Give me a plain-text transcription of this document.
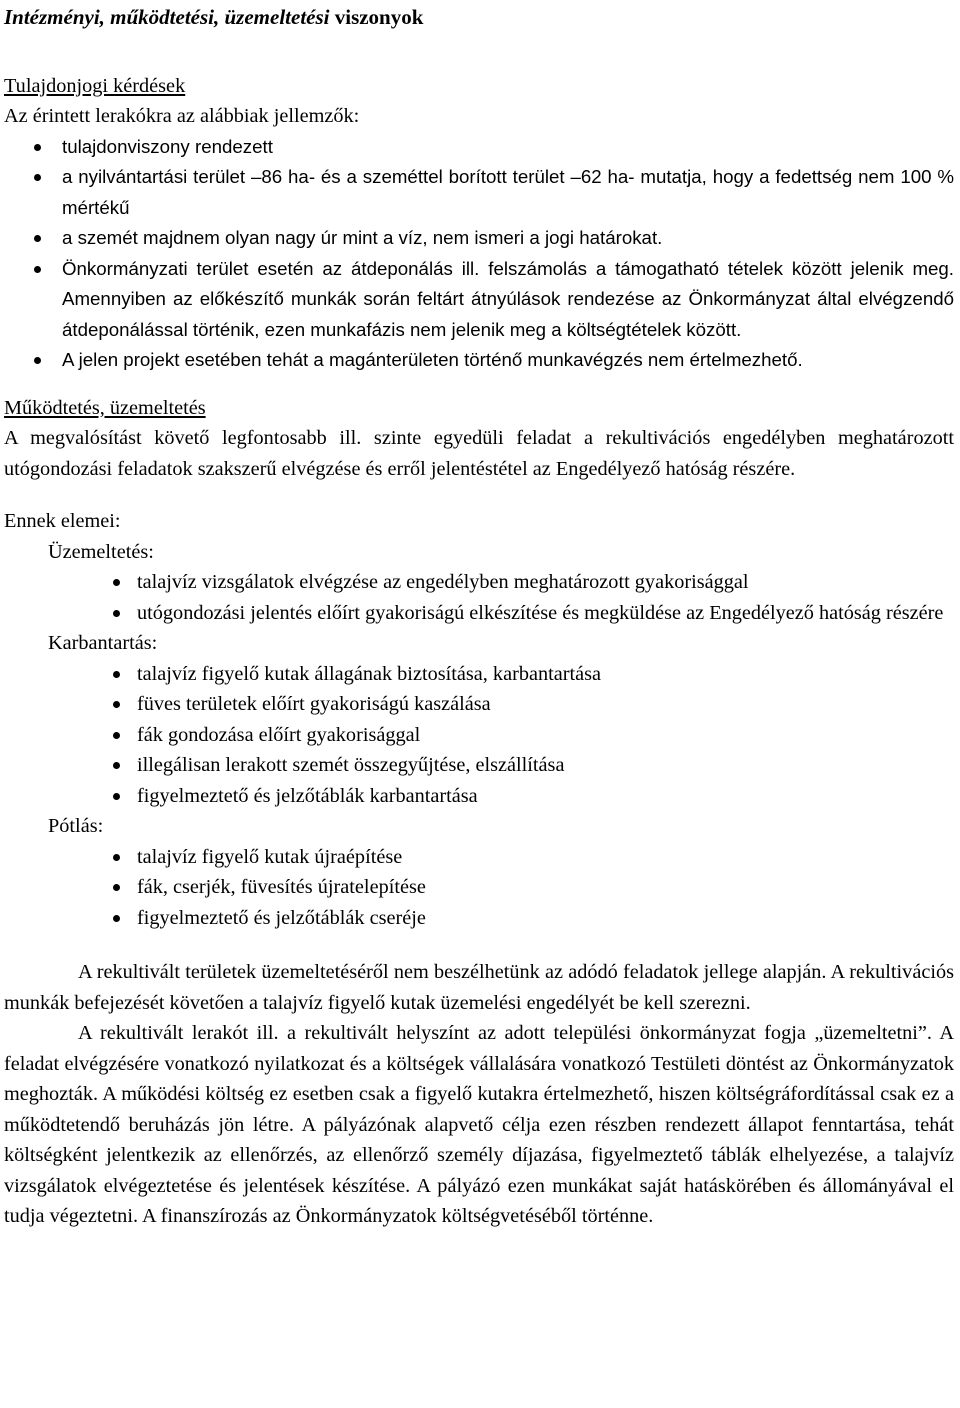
Intézményi, működtetési, üzemeltetési viszonyok

Tulajdonjogi kérdések

Az érintett lerakókra az alábbiak jellemzők:

tulajdonviszony rendezett
a nyilvántartási terület –86 ha- és a szeméttel borított terület –62 ha- mutatja, hogy a fedettség nem 100 % mértékű
a szemét majdnem olyan nagy úr mint a víz, nem ismeri a jogi határokat.
Önkormányzati terület esetén az átdeponálás ill. felszámolás a támogatható tételek között jelenik meg. Amennyiben az előkészítő munkák során feltárt átnyúlások rendezése az Önkormányzat által elvégzendő átdeponálással történik, ezen munkafázis nem jelenik meg a költségtételek között.
A jelen projekt esetében tehát a magánterületen történő munkavégzés nem értelmezhető.

Működtetés, üzemeltetés

A megvalósítást követő legfontosabb ill. szinte egyedüli feladat a rekultivációs engedélyben meghatározott utógondozási feladatok szakszerű elvégzése és erről jelentéstétel az Engedélyező hatóság részére.

Ennek elemei:

Üzemeltetés:

talajvíz vizsgálatok elvégzése az engedélyben meghatározott gyakorisággal
utógondozási jelentés előírt gyakoriságú elkészítése és megküldése az Engedélyező hatóság részére

Karbantartás:

talajvíz figyelő kutak állagának biztosítása, karbantartása
füves területek előírt gyakoriságú kaszálása
fák gondozása előírt gyakorisággal
illegálisan lerakott szemét összegyűjtése, elszállítása
figyelmeztető és jelzőtáblák karbantartása

Pótlás:

talajvíz figyelő kutak újraépítése
fák, cserjék, füvesítés újratelepítése
figyelmeztető és jelzőtáblák cseréje

A rekultivált területek üzemeltetéséről nem beszélhetünk az adódó feladatok jellege alapján. A rekultivációs munkák befejezését követően a talajvíz figyelő kutak üzemelési engedélyét be kell szerezni.

A rekultivált lerakót ill. a rekultivált helyszínt az adott települési önkormányzat fogja „üzemeltetni”. A feladat elvégzésére vonatkozó nyilatkozat és a költségek vállalására vonatkozó Testületi döntést az Önkormányzatok meghozták. A működési költség ez esetben csak a figyelő kutakra értelmezhető, hiszen költségráfordítással csak ez a működtetendő beruházás jön létre. A pályázónak alapvető célja ezen részben rendezett állapot fenntartása, tehát költségként jelentkezik az ellenőrzés, az ellenőrző személy díjazása, figyelmeztető táblák elhelyezése, a talajvíz vizsgálatok elvégeztetése és jelentések készítése. A pályázó ezen munkákat saját hatáskörében és állományával el tudja végeztetni. A finanszírozás az Önkormányzatok költségvetéséből történne.
